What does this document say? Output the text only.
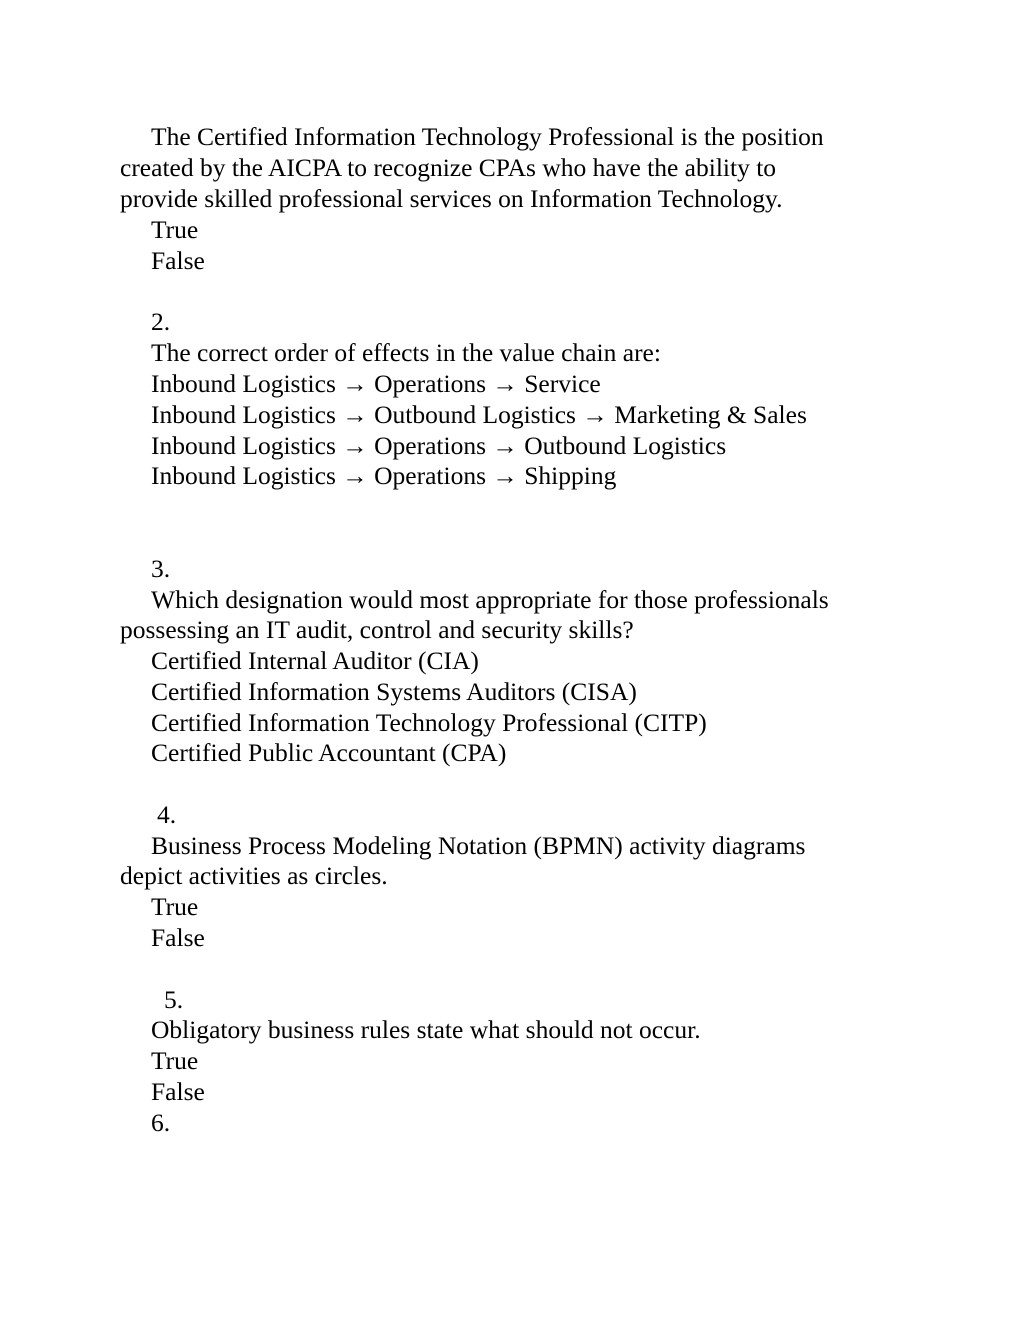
The Certified Information Technology Professional is the position
created by the AICPA to recognize CPAs who have the ability to
provide skilled professional services on Information Technology.
True
False
2.
The correct order of effects in the value chain are:
Inbound Logistics → Operations → Service
Inbound Logistics → Outbound Logistics → Marketing & Sales
Inbound Logistics → Operations → Outbound Logistics
Inbound Logistics → Operations → Shipping
3.
Which designation would most appropriate for those professionals
possessing an IT audit, control and security skills?
Certified Internal Auditor (CIA)
Certified Information Systems Auditors (CISA)
Certified Information Technology Professional (CITP)
Certified Public Accountant (CPA)
4.
Business Process Modeling Notation (BPMN) activity diagrams
depict activities as circles.
True
False
5.
Obligatory business rules state what should not occur.
True
False
6.
